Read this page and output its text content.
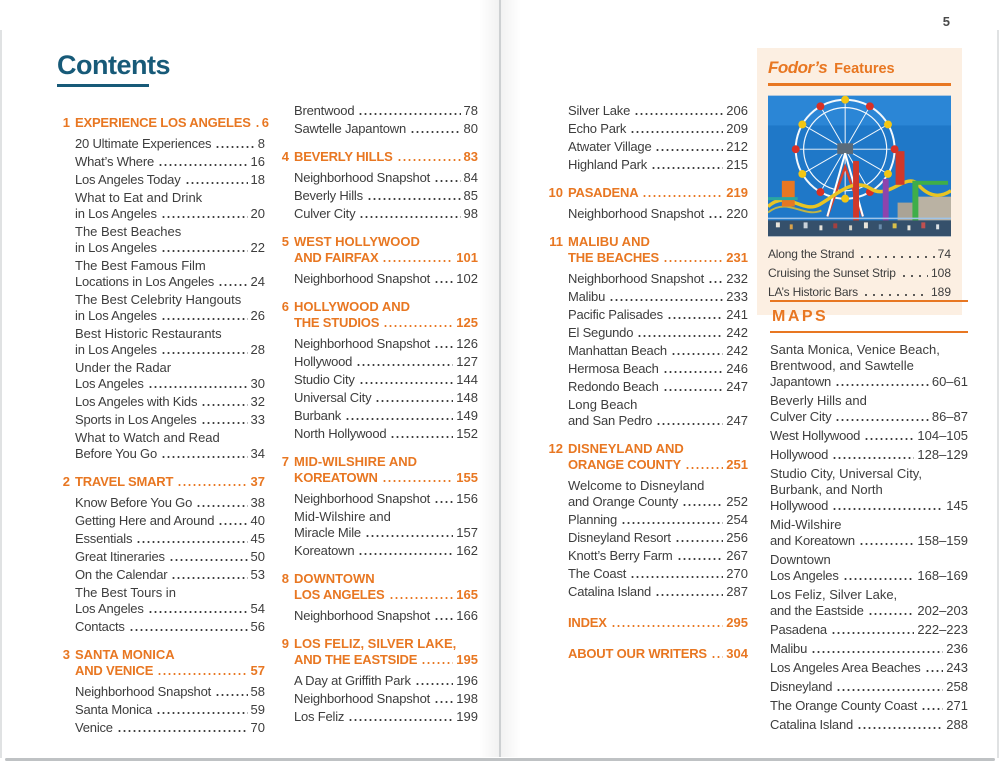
5
Contents
1 EXPERIENCE LOS ANGELES 6
20 Ultimate Experiences	8
What’s Where	16
Los Angeles Today	18
What to Eat and Drink
in Los Angeles	20
The Best Beaches
in Los Angeles	22
The Best Famous Film
Locations in Los Angeles	24
The Best Celebrity Hangouts
in Los Angeles	26
Best Historic Restaurants
in Los Angeles	28
Under the Radar
Los Angeles	30
Los Angeles with Kids	32
Sports in Los Angeles	33
What to Watch and Read
Before You Go	34
2 TRAVEL SMART	37
Know Before You Go	38
Getting Here and Around	40
Essentials	45
Great Itineraries	50
On the Calendar	53
The Best Tours in
Los Angeles	54
Contacts	56
3 SANTA MONICA
AND VENICE	57
Neighborhood Snapshot	58
Santa Monica	59
Venice	70
Brentwood	78
Sawtelle Japantown	80
4 BEVERLY HILLS	83
Neighborhood Snapshot	84
Beverly Hills	85
Culver City	98
5 WEST HOLLYWOOD
AND FAIRFAX	101
Neighborhood Snapshot 102
6 HOLLYWOOD AND
THE STUDIOS	125
Neighborhood Snapshot 126
Hollywood	127
Studio City	144
Universal City	148
Burbank	149
North Hollywood	152
7 MID-WILSHIRE AND
KOREATOWN	155
Neighborhood Snapshot 156
Mid-Wilshire and
Miracle Mile	157
Koreatown	162
8 DOWNTOWN
LOS ANGELES	165
Neighborhood Snapshot 166
9 LOS FELIZ, SILVER LAKE,
AND THE EASTSIDE	195
A Day at Griffith Park	196
Neighborhood Snapshot 198
Los Feliz	199
Silver Lake	206
Echo Park	209
Atwater Village	212
Highland Park	215
10 PASADENA	219
Neighborhood Snapshot 220
11 MALIBU AND
THE BEACHES	231
Neighborhood Snapshot 232
Malibu	233
Pacific Palisades	241
El Segundo	242
Manhattan Beach	242
Hermosa Beach	246
Redondo Beach	247
Long Beach
and San Pedro	247
12 DISNEYLAND AND
ORANGE COUNTY	251
Welcome to Disneyland
and Orange County	252
Planning	254
Disneyland Resort	256
Knott’s Berry Farm	267
The Coast	270
Catalina Island	287
INDEX	295
ABOUT OUR WRITERS 304
Fodor’s Features
Along the Strand	74
Cruising the Sunset Strip	108
LA’s Historic Bars	189
MAPS
Santa Monica, Venice Beach,
Brentwood, and Sawtelle
Japantown	60–61
Beverly Hills and
Culver City	86–87
West Hollywood	104–105
Hollywood	128–129
Studio City, Universal City,
Burbank, and North
Hollywood	145
Mid-Wilshire
and Koreatown	158–159
Downtown
Los Angeles	168–169
Los Feliz, Silver Lake,
and the Eastside	202–203
Pasadena	222–223
Malibu	236
Los Angeles Area Beaches 243
Disneyland	258
The Orange County Coast 271
Catalina Island	288
